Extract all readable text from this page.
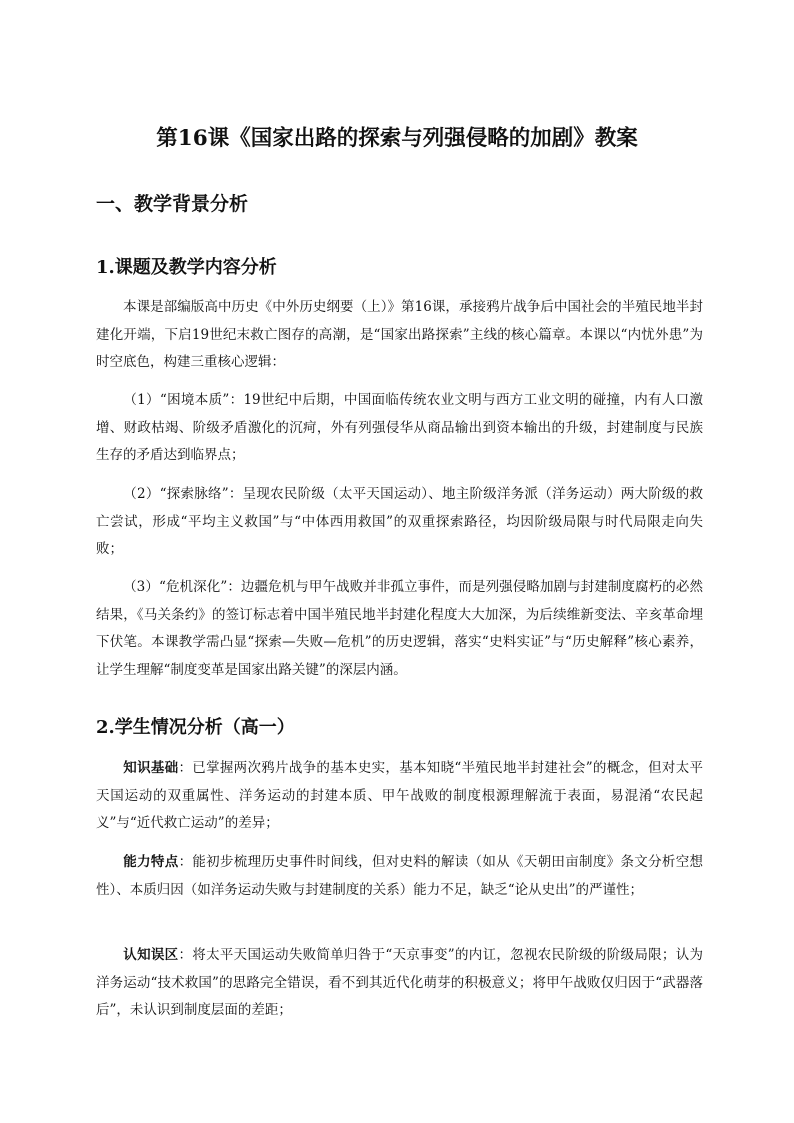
第16课《国家出路的探索与列强侵略的加剧》教案
一、教学背景分析
1.课题及教学内容分析
本课是部编版高中历史《中外历史纲要（上）》第16课，承接鸦片战争后中国社会的半殖民地半封建化开端，下启19世纪末救亡图存的高潮，是“国家出路探索”主线的核心篇章。本课以“内忧外患”为时空底色，构建三重核心逻辑：
（1）“困境本质”：19世纪中后期，中国面临传统农业文明与西方工业文明的碰撞，内有人口激增、财政枯竭、阶级矛盾激化的沉疴，外有列强侵华从商品输出到资本输出的升级，封建制度与民族生存的矛盾达到临界点；
（2）“探索脉络”：呈现农民阶级（太平天国运动）、地主阶级洋务派（洋务运动）两大阶级的救亡尝试，形成“平均主义救国”与“中体西用救国”的双重探索路径，均因阶级局限与时代局限走向失败；
（3）“危机深化”：边疆危机与甲午战败并非孤立事件，而是列强侵略加剧与封建制度腐朽的必然结果，《马关条约》的签订标志着中国半殖民地半封建化程度大大加深，为后续维新变法、辛亥革命埋下伏笔。本课教学需凸显“探索—失败—危机”的历史逻辑，落实“史料实证”与“历史解释”核心素养，让学生理解“制度变革是国家出路关键”的深层内涵。
2.学生情况分析（高一）
知识基础：已掌握两次鸦片战争的基本史实，基本知晓“半殖民地半封建社会”的概念，但对太平天国运动的双重属性、洋务运动的封建本质、甲午战败的制度根源理解流于表面，易混淆“农民起义”与“近代救亡运动”的差异；
能力特点：能初步梳理历史事件时间线，但对史料的解读（如从《天朝田亩制度》条文分析空想性）、本质归因（如洋务运动失败与封建制度的关系）能力不足，缺乏“论从史出”的严谨性；
认知误区：将太平天国运动失败简单归咎于“天京事变”的内讧，忽视农民阶级的阶级局限；认为洋务运动“技术救国”的思路完全错误，看不到其近代化萌芽的积极意义；将甲午战败仅归因于“武器落后”，未认识到制度层面的差距；
